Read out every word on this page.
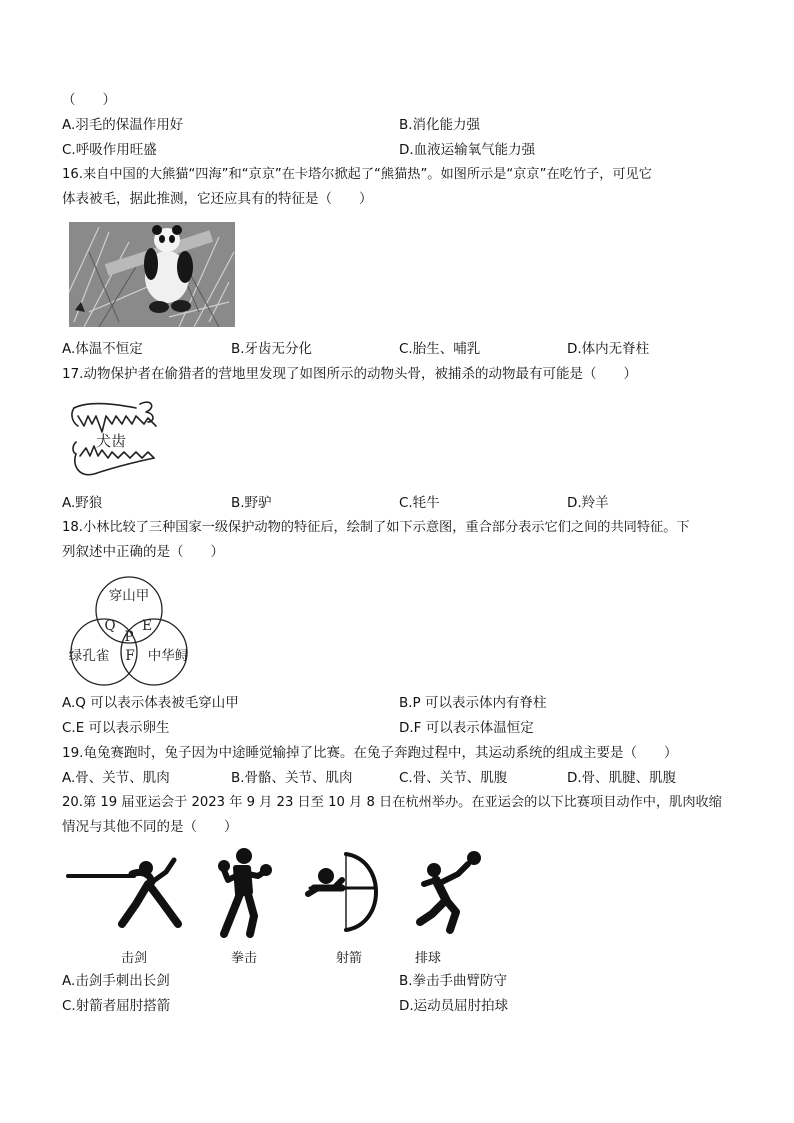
（　　）
A.羽毛的保温作用好	B.消化能力强
C.呼吸作用旺盛	D.血液运输氧气能力强
16.来自中国的大熊猫“四海”和“京京”在卡塔尔掀起了“熊猫热”。如图所示是“京京”在吃竹子，可见它
体表被毛，据此推测，它还应具有的特征是（　　）
A.体温不恒定	B.牙齿无分化	C.胎生、哺乳	D.体内无脊柱
17.动物保护者在偷猎者的营地里发现了如图所示的动物头骨，被捕杀的动物最有可能是（　　）
犬齿
A.野狼	B.野驴	C.牦牛	D.羚羊
18.小林比较了三种国家一级保护动物的特征后，绘制了如下示意图，重合部分表示它们之间的共同特征。下
列叙述中正确的是（　　）
穿山甲
绿孔雀	中华鲟
Q E
P
F
A.Q 可以表示体表被毛穿山甲	B.P 可以表示体内有脊柱
C.E 可以表示卵生	D.F 可以表示体温恒定
19.龟兔赛跑时，兔子因为中途睡觉输掉了比赛。在兔子奔跑过程中，其运动系统的组成主要是（　　）
A.骨、关节、肌肉	B.骨骼、关节、肌肉	C.骨、关节、肌腹	D.骨、肌腱、肌腹
20.第 19 届亚运会于 2023 年 9 月 23 日至 10 月 8 日在杭州举办。在亚运会的以下比赛项目动作中，肌肉收缩
情况与其他不同的是（　　）
击剑	拳击	射箭	排球
A.击剑手刺出长剑	B.拳击手曲臂防守
C.射箭者屈肘搭箭	D.运动员屈肘拍球
